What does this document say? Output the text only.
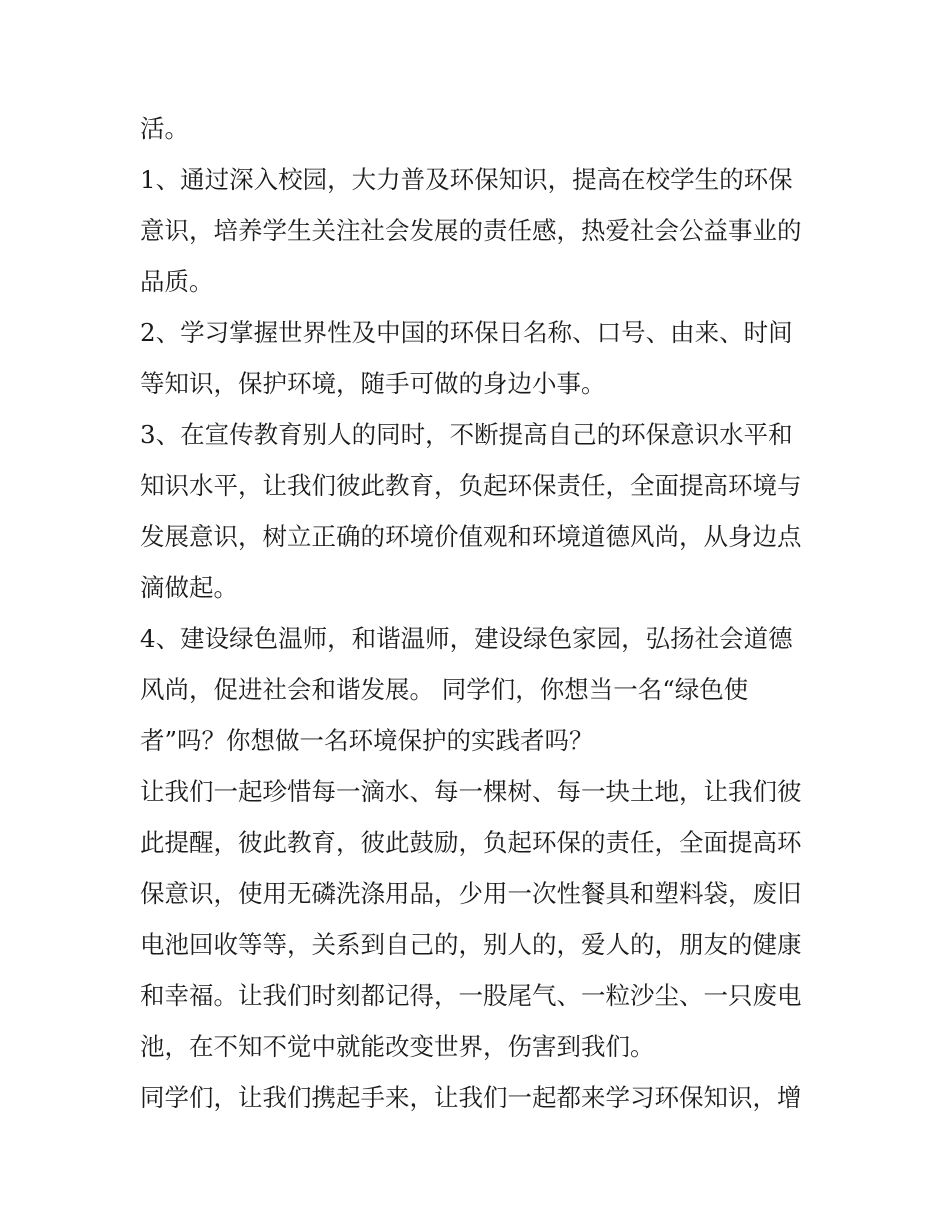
活。
1、通过深入校园，大力普及环保知识，提高在校学生的环保
意识，培养学生关注社会发展的责任感，热爱社会公益事业的
品质。
2、学习掌握世界性及中国的环保日名称、口号、由来、时间
等知识，保护环境，随手可做的身边小事。
3、在宣传教育别人的同时，不断提高自己的环保意识水平和
知识水平，让我们彼此教育，负起环保责任，全面提高环境与
发展意识，树立正确的环境价值观和环境道德风尚，从身边点
滴做起。
4、建设绿色温师，和谐温师，建设绿色家园，弘扬社会道德
风尚，促进社会和谐发展。 同学们，你想当一名“绿色使
者”吗？你想做一名环境保护的实践者吗？
让我们一起珍惜每一滴水、每一棵树、每一块土地，让我们彼
此提醒，彼此教育，彼此鼓励，负起环保的责任，全面提高环
保意识，使用无磷洗涤用品，少用一次性餐具和塑料袋，废旧
电池回收等等，关系到自己的，别人的，爱人的，朋友的健康
和幸福。让我们时刻都记得，一股尾气、一粒沙尘、一只废电
池，在不知不觉中就能改变世界，伤害到我们。
同学们，让我们携起手来，让我们一起都来学习环保知识，增
